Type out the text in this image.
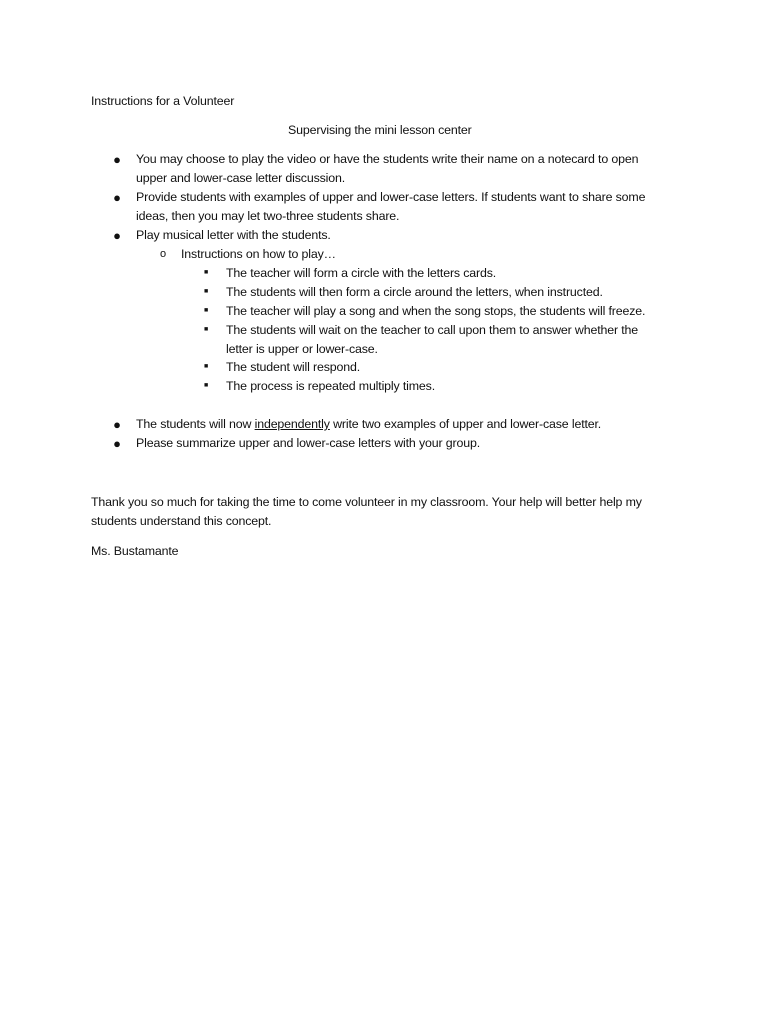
Instructions for a Volunteer
Supervising the mini lesson center
● You may choose to play the video or have the students write their name on a notecard to open
upper and lower-case letter discussion.
● Provide students with examples of upper and lower-case letters. If students want to share some
ideas, then you may let two-three students share.
● Play musical letter with the students.
o Instructions on how to play…
■ The teacher will form a circle with the letters cards.
■ The students will then form a circle around the letters, when instructed.
■ The teacher will play a song and when the song stops, the students will freeze.
■ The students will wait on the teacher to call upon them to answer whether the
letter is upper or lower-case.
■ The student will respond.
■ The process is repeated multiply times.
● The students will now independently write two examples of upper and lower-case letter.
● Please summarize upper and lower-case letters with your group.
Thank you so much for taking the time to come volunteer in my classroom. Your help will better help my
students understand this concept.
Ms. Bustamante
